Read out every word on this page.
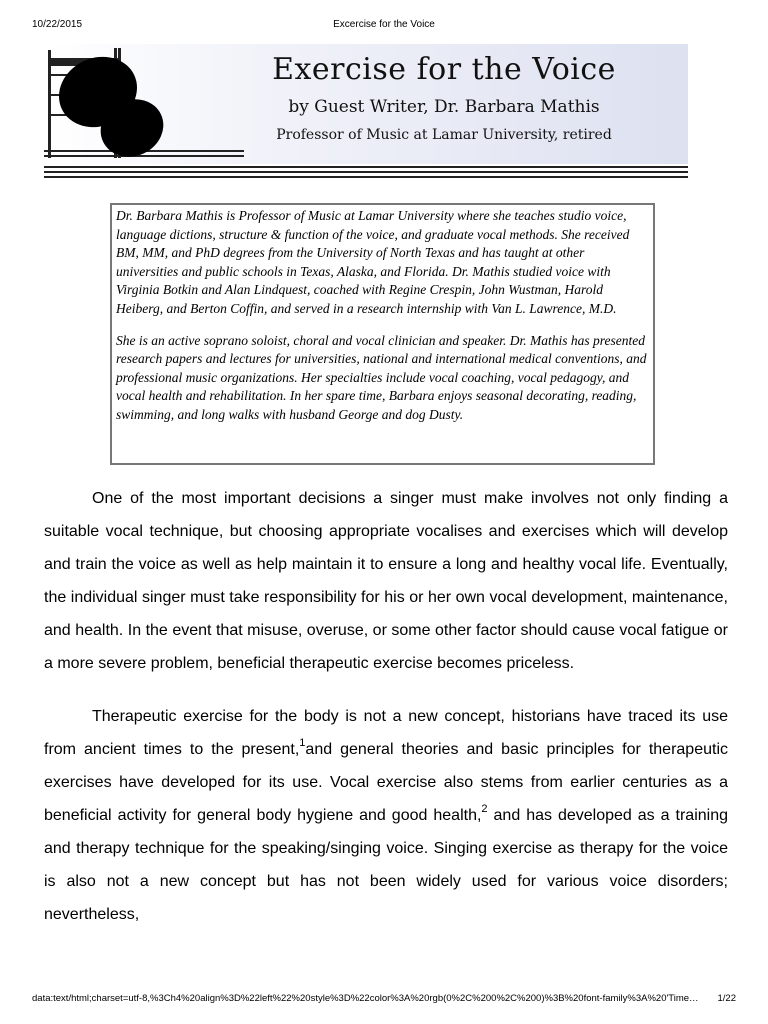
10/22/2015	Excercise for the Voice
Exercise for the Voice
by Guest Writer, Dr. Barbara Mathis
Professor of Music at Lamar University, retired

Dr. Barbara Mathis is Professor of Music at Lamar University where she teaches studio voice, language dictions, structure & function of the voice, and graduate vocal methods. She received BM, MM, and PhD degrees from the University of North Texas and has taught at other universities and public schools in Texas, Alaska, and Florida. Dr. Mathis studied voice with Virginia Botkin and Alan Lindquest, coached with Regine Crespin, John Wustman, Harold Heiberg, and Berton Coffin, and served in a research internship with Van L. Lawrence, M.D.

She is an active soprano soloist, choral and vocal clinician and speaker. Dr. Mathis has presented research papers and lectures for universities, national and international medical conventions, and professional music organizations. Her specialties include vocal coaching, vocal pedagogy, and vocal health and rehabilitation. In her spare time, Barbara enjoys seasonal decorating, reading, swimming, and long walks with husband George and dog Dusty.

One of the most important decisions a singer must make involves not only finding a suitable vocal technique, but choosing appropriate vocalises and exercises which will develop and train the voice as well as help maintain it to ensure a long and healthy vocal life. Eventually, the individual singer must take responsibility for his or her own vocal development, maintenance, and health. In the event that misuse, overuse, or some other factor should cause vocal fatigue or a more severe problem, beneficial therapeutic exercise becomes priceless.

Therapeutic exercise for the body is not a new concept, historians have traced its use from ancient times to the present,$^1$and general theories and basic principles for therapeutic exercises have developed for its use. Vocal exercise also stems from earlier centuries as a beneficial activity for general body hygiene and good health,$^2$ and has developed as a training and therapy technique for the speaking/singing voice. Singing exercise as therapy for the voice is also not a new concept but has not been widely used for various voice disorders; nevertheless,

data:text/html;charset=utf-8,%3Ch4%20align%3D%22left%22%20style%3D%22color%3A%20rgb(0%2C%200%2C%200)%3B%20font-family%3A%20'Time… 1/22
